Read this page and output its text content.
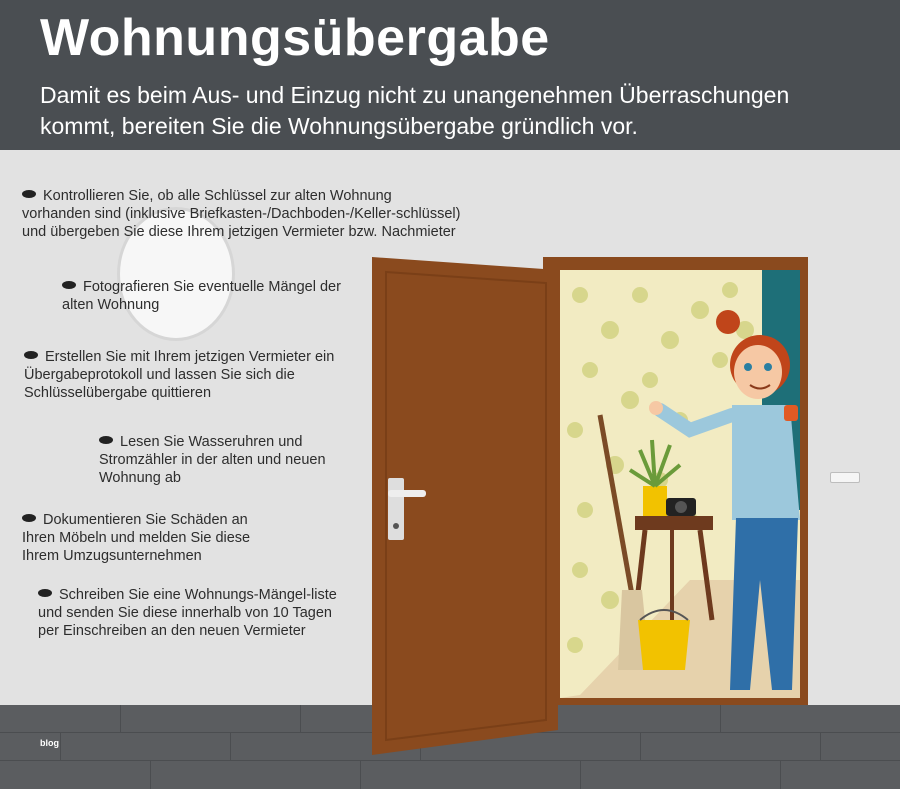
Wohnungsübergabe

Damit es beim Aus- und Einzug nicht zu unangenehmen Überraschungen kommt, bereiten Sie die Wohnungsübergabe gründlich vor.

Kontrollieren Sie, ob alle Schlüssel zur alten Wohnung vorhanden sind (inklusive Briefkasten-/Dachboden-/Keller-schlüssel) und übergeben Sie diese Ihrem jetzigen Vermieter bzw. Nachmieter
Fotografieren Sie eventuelle Mängel der alten Wohnung
Erstellen Sie mit Ihrem jetzigen Vermieter ein Übergabeprotokoll und lassen Sie sich die Schlüsselübergabe quittieren
Lesen Sie Wasseruhren und Stromzähler in der alten und neuen Wohnung ab
Dokumentieren Sie Schäden an Ihren Möbeln und melden Sie diese Ihrem Umzugsunternehmen
Schreiben Sie eine Wohnungs-Mängel-liste und senden Sie diese innerhalb von 10 Tagen per Einschreiben an den neuen Vermieter
blog
